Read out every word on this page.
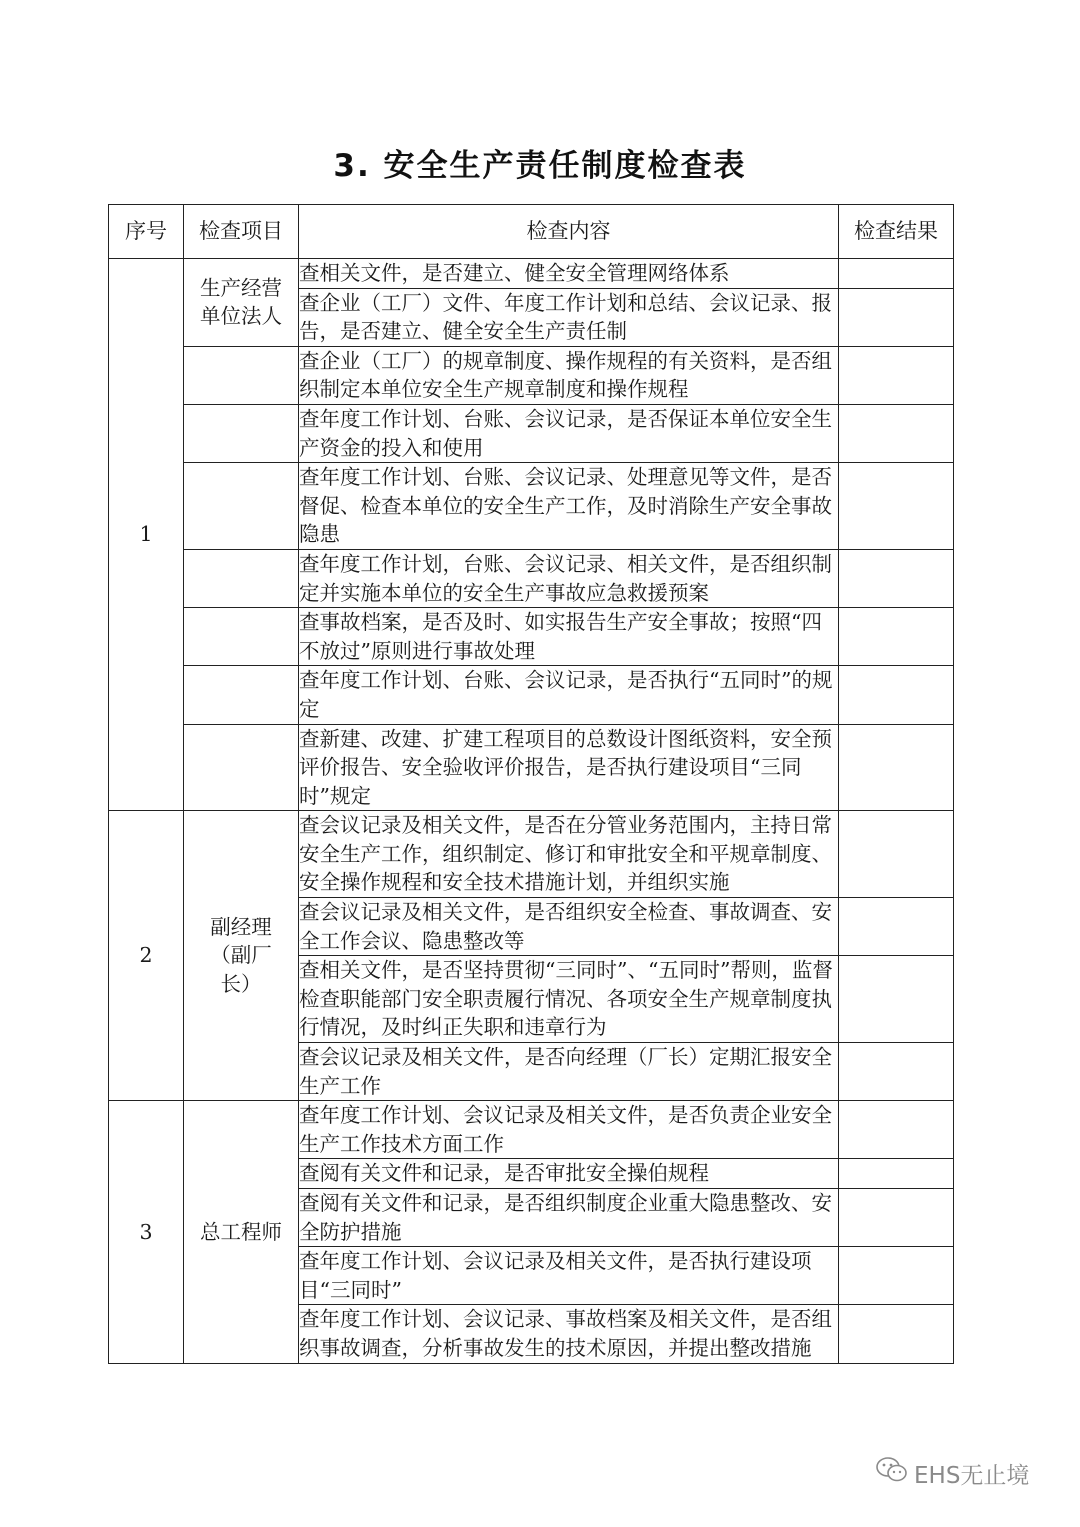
3. 安全生产责任制度检查表
序号	检查项目	检查内容	检查结果
1	生产经营单位法人	查相关文件，是否建立、健全安全管理网络体系	
		查企业（工厂）文件、年度工作计划和总结、会议记录、报告，是否建立、健全安全生产责任制	
		查企业（工厂）的规章制度、操作规程的有关资料，是否组织制定本单位安全生产规章制度和操作规程	
		查年度工作计划、台账、会议记录，是否保证本单位安全生产资金的投入和使用	
		查年度工作计划、台账、会议记录、处理意见等文件，是否督促、检查本单位的安全生产工作，及时消除生产安全事故隐患	
		查年度工作计划，台账、会议记录、相关文件，是否组织制定并实施本单位的安全生产事故应急救援预案	
		查事故档案，是否及时、如实报告生产安全事故；按照“四不放过”原则进行事故处理	
		查年度工作计划、台账、会议记录，是否执行“五同时”的规定	
		查新建、改建、扩建工程项目的总数设计图纸资料，安全预评价报告、安全验收评价报告，是否执行建设项目“三同时”规定	
2	副经理（副厂长）	查会议记录及相关文件，是否在分管业务范围内，主持日常安全生产工作，组织制定、修订和审批安全和平规章制度、安全操作规程和安全技术措施计划，并组织实施	
		查会议记录及相关文件，是否组织安全检查、事故调查、安全工作会议、隐患整改等	
		查相关文件，是否坚持贯彻“三同时”、“五同时”帮则，监督检查职能部门安全职责履行情况、各项安全生产规章制度执行情况，及时纠正失职和违章行为	
		查会议记录及相关文件，是否向经理（厂长）定期汇报安全生产工作	
3	总工程师	查年度工作计划、会议记录及相关文件，是否负责企业安全生产工作技术方面工作	
		查阅有关文件和记录，是否审批安全操伯规程	
		查阅有关文件和记录，是否组织制度企业重大隐患整改、安全防护措施	
		查年度工作计划、会议记录及相关文件，是否执行建设项目“三同时”	
		查年度工作计划、会议记录、事故档案及相关文件，是否组织事故调查，分析事故发生的技术原因，并提出整改措施	
EHS无止境
